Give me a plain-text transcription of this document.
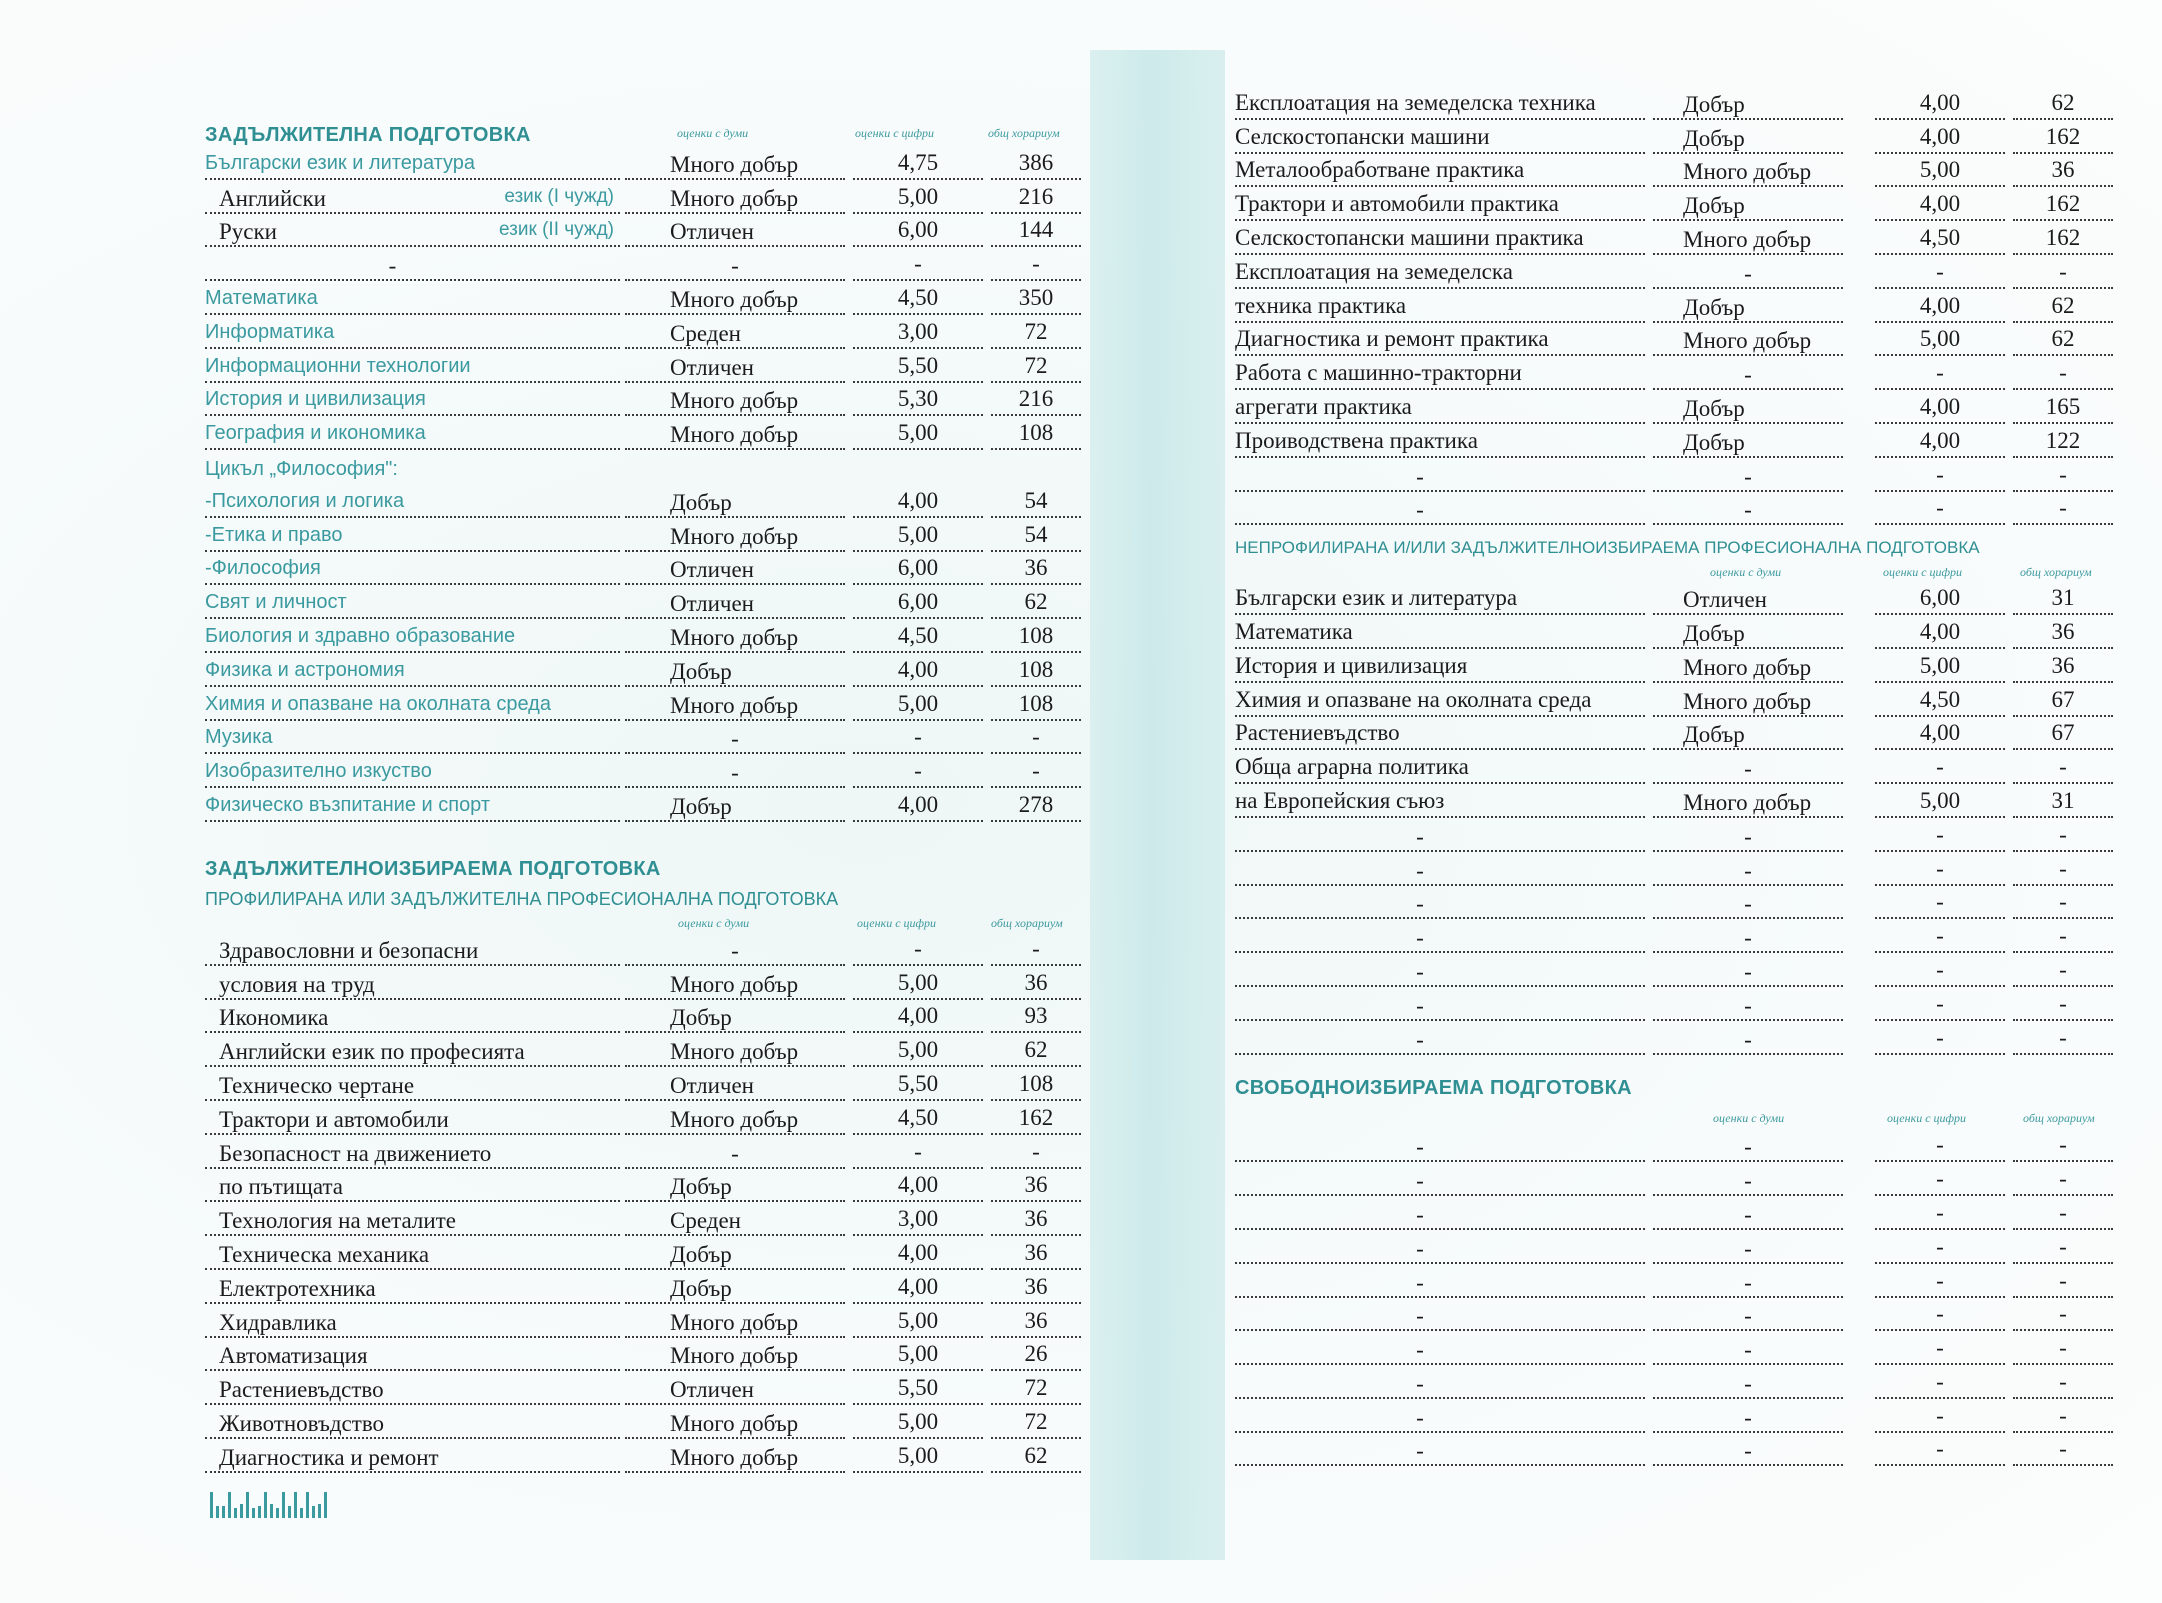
ЗАДЪЛЖИТЕЛНА ПОДГОТОВКА	оценки с думи	оценки с цифри	общ хорариум
Български език и литература	Много добър	4,75	386
Английски	език (I чужд)	Много добър	5,00	216
Руски	език (II чужд)	Отличен	6,00	144
-	-	-	-
Математика	Много добър	4,50	350
Информатика	Среден	3,00	72
Информационни технологии	Отличен	5,50	72
История и цивилизация	Много добър	5,30	216
География и икономика	Много добър	5,00	108
Цикъл „Философия":
-Психология и логика	Добър	4,00	54
-Етика и право	Много добър	5,00	54
-Философия	Отличен	6,00	36
Свят и личност	Отличен	6,00	62
Биология и здравно образование	Много добър	4,50	108
Физика и астрономия	Добър	4,00	108
Химия и опазване на околната среда	Много добър	5,00	108
Музика	-	-	-
Изобразително изкуство	-	-	-
Физическо възпитание и спорт	Добър	4,00	278
ЗАДЪЛЖИТЕЛНОИЗБИРАЕМА ПОДГОТОВКА
ПРОФИЛИРАНА ИЛИ ЗАДЪЛЖИТЕЛНА ПРОФЕСИОНАЛНА ПОДГОТОВКА
оценки с думи	оценки с цифри	общ хорариум
Здравословни и безопасни	-	-	-
условия на труд	Много добър	5,00	36
Икономика	Добър	4,00	93
Английски език по професията	Много добър	5,00	62
Техническо чертане	Отличен	5,50	108
Трактори и автомобили	Много добър	4,50	162
Безопасност на движението	-	-	-
по пътищата	Добър	4,00	36
Технология на металите	Среден	3,00	36
Техническа механика	Добър	4,00	36
Електротехника	Добър	4,00	36
Хидравлика	Много добър	5,00	36
Автоматизация	Много добър	5,00	26
Растениевъдство	Отличен	5,50	72
Животновъдство	Много добър	5,00	72
Диагностика и ремонт	Много добър	5,00	62
Експлоатация на земеделска техника	Добър	4,00	62
Селскостопански машини	Добър	4,00	162
Металообработване практика	Много добър	5,00	36
Трактори и автомобили практика	Добър	4,00	162
Селскостопански машини практика	Много добър	4,50	162
Експлоатация на земеделска	-	-	-
техника практика	Добър	4,00	62
Диагностика и ремонт практика	Много добър	5,00	62
Работа с машинно-тракторни	-	-	-
агрегати практика	Добър	4,00	165
Проиводствена практика	Добър	4,00	122
-	-	-	-
-	-	-	-
НЕПРОФИЛИРАНА И/ИЛИ ЗАДЪЛЖИТЕЛНОИЗБИРАЕМА ПРОФЕСИОНАЛНА ПОДГОТОВКА
оценки с думи	оценки с цифри	общ хорариум
Български език и литература	Отличен	6,00	31
Математика	Добър	4,00	36
История и цивилизация	Много добър	5,00	36
Химия и опазване на околната среда	Много добър	4,50	67
Растениевъдство	Добър	4,00	67
Обща аграрна политика	-	-	-
на Европейския съюз	Много добър	5,00	31
-	-	-	-
-	-	-	-
-	-	-	-
-	-	-	-
-	-	-	-
-	-	-	-
-	-	-	-
СВОБОДНОИЗБИРАЕМА ПОДГОТОВКА
оценки с думи	оценки с цифри	общ хорариум
-	-	-	-
-	-	-	-
-	-	-	-
-	-	-	-
-	-	-	-
-	-	-	-
-	-	-	-
-	-	-	-
-	-	-	-
-	-	-	-
